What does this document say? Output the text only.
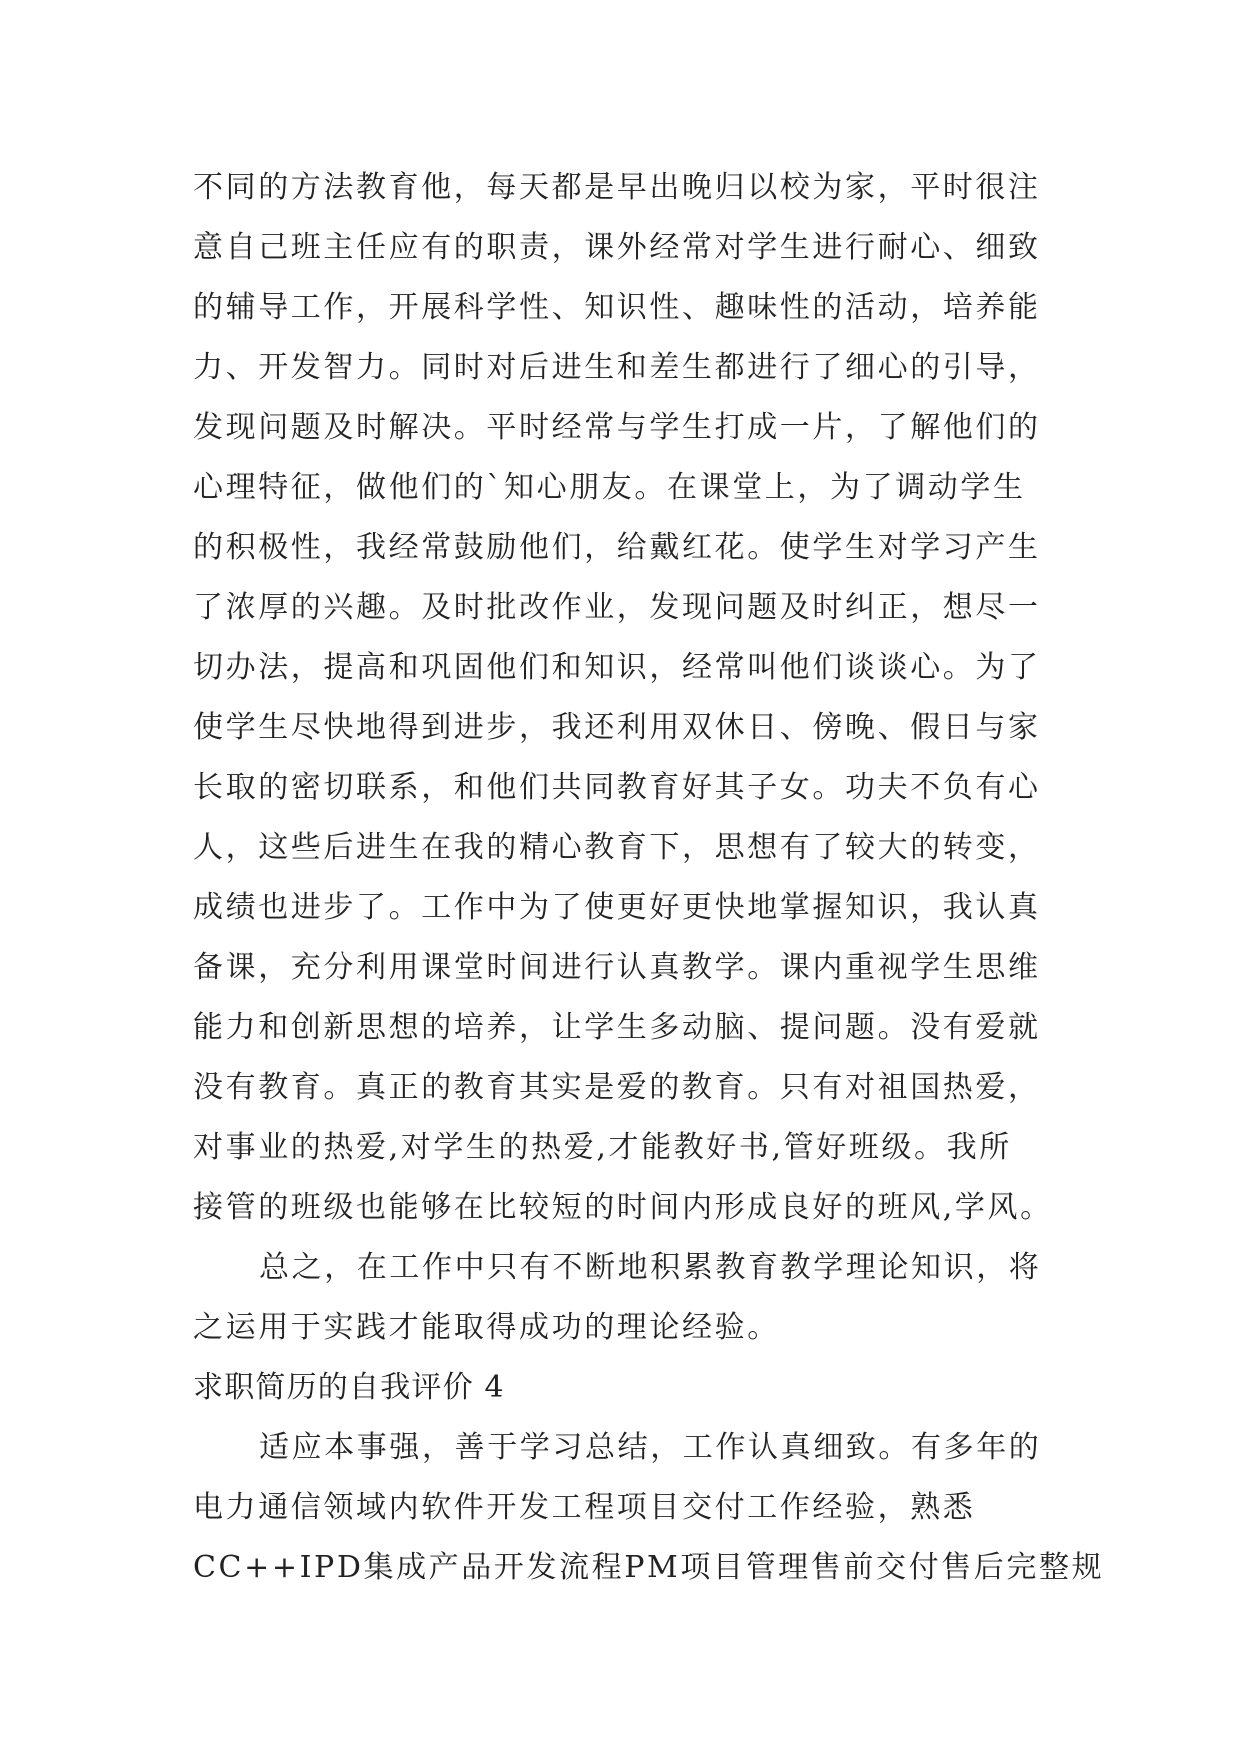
不同的方法教育他，每天都是早出晚归以校为家，平时很注
意自己班主任应有的职责，课外经常对学生进行耐心、细致
的辅导工作，开展科学性、知识性、趣味性的活动，培养能
力、开发智力。同时对后进生和差生都进行了细心的引导，
发现问题及时解决。平时经常与学生打成一片，了解他们的
心理特征，做他们的`知心朋友。在课堂上，为了调动学生
的积极性，我经常鼓励他们，给戴红花。使学生对学习产生
了浓厚的兴趣。及时批改作业，发现问题及时纠正，想尽一
切办法，提高和巩固他们和知识，经常叫他们谈谈心。为了
使学生尽快地得到进步，我还利用双休日、傍晚、假日与家
长取的密切联系，和他们共同教育好其子女。功夫不负有心
人，这些后进生在我的精心教育下，思想有了较大的转变，
成绩也进步了。工作中为了使更好更快地掌握知识，我认真
备课，充分利用课堂时间进行认真教学。课内重视学生思维
能力和创新思想的培养，让学生多动脑、提问题。没有爱就
没有教育。真正的教育其实是爱的教育。只有对祖国热爱，
对事业的热爱,对学生的热爱,才能教好书,管好班级。我所
接管的班级也能够在比较短的时间内形成良好的班风,学风。
总之，在工作中只有不断地积累教育教学理论知识，将
之运用于实践才能取得成功的理论经验。
求职简历的自我评价 4
适应本事强，善于学习总结，工作认真细致。有多年的
电力通信领域内软件开发工程项目交付工作经验，熟悉
CC++IPD集成产品开发流程PM项目管理售前交付售后完整规
